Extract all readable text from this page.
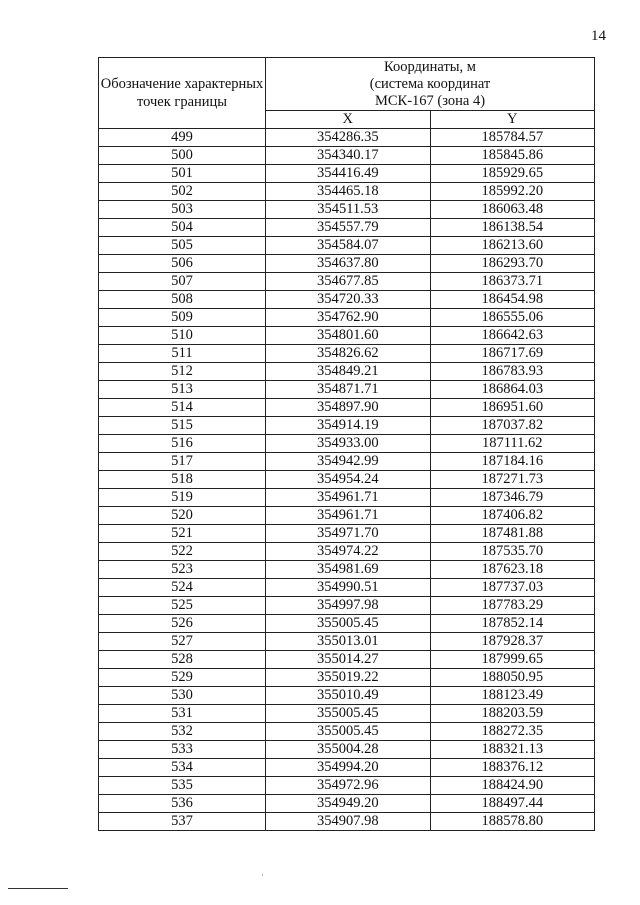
14
Обозначение характерных точек границы	Координаты, м
(система координат
МСК-167 (зона 4)	

	X	Y
499	354286.35	185784.57
500	354340.17	185845.86
501	354416.49	185929.65
502	354465.18	185992.20
503	354511.53	186063.48
504	354557.79	186138.54
505	354584.07	186213.60
506	354637.80	186293.70
507	354677.85	186373.71
508	354720.33	186454.98
509	354762.90	186555.06
510	354801.60	186642.63
511	354826.62	186717.69
512	354849.21	186783.93
513	354871.71	186864.03
514	354897.90	186951.60
515	354914.19	187037.82
516	354933.00	187111.62
517	354942.99	187184.16
518	354954.24	187271.73
519	354961.71	187346.79
520	354961.71	187406.82
521	354971.70	187481.88
522	354974.22	187535.70
523	354981.69	187623.18
524	354990.51	187737.03
525	354997.98	187783.29
526	355005.45	187852.14
527	355013.01	187928.37
528	355014.27	187999.65
529	355019.22	188050.95
530	355010.49	188123.49
531	355005.45	188203.59
532	355005.45	188272.35
533	355004.28	188321.13
534	354994.20	188376.12
535	354972.96	188424.90
536	354949.20	188497.44
537	354907.98	188578.80
